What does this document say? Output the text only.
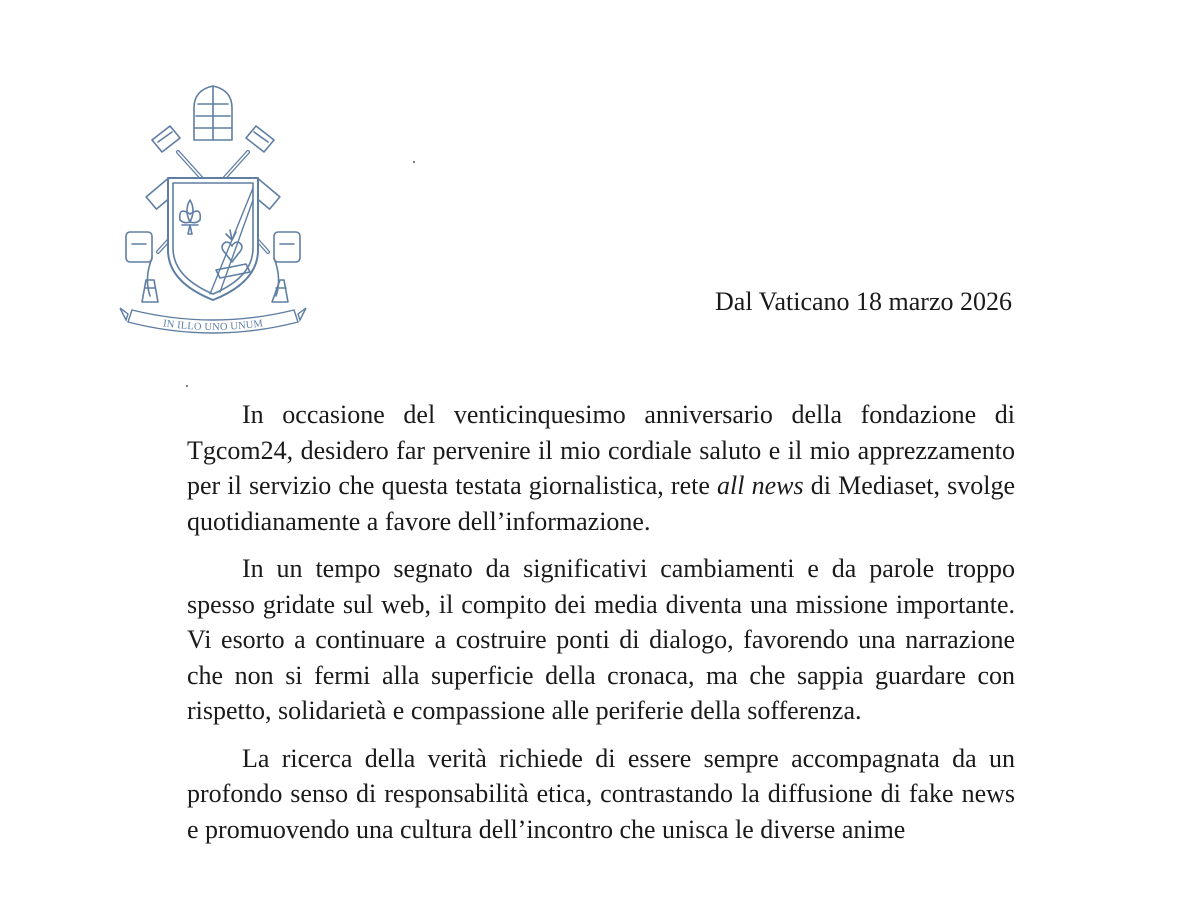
IN ILLO UNO UNUM
Dal Vaticano 18 marzo 2026

In occasione del venticinquesimo anniversario della fondazione di Tgcom24, desidero far pervenire il mio cordiale saluto e il mio apprezzamento per il servizio che questa testata giornalistica, rete all news di Mediaset, svolge quotidianamente a favore dell’informazione.

In un tempo segnato da significativi cambiamenti e da parole troppo spesso gridate sul web, il compito dei media diventa una missione importante. Vi esorto a continuare a costruire ponti di dialogo, favorendo una narrazione che non si fermi alla superficie della cronaca, ma che sappia guardare con rispetto, solidarietà e compassione alle periferie della sofferenza.

La ricerca della verità richiede di essere sempre accompagnata da un profondo senso di responsabilità etica, contrastando la diffusione di fake news e promuovendo una cultura dell’incontro che unisca le diverse anime
